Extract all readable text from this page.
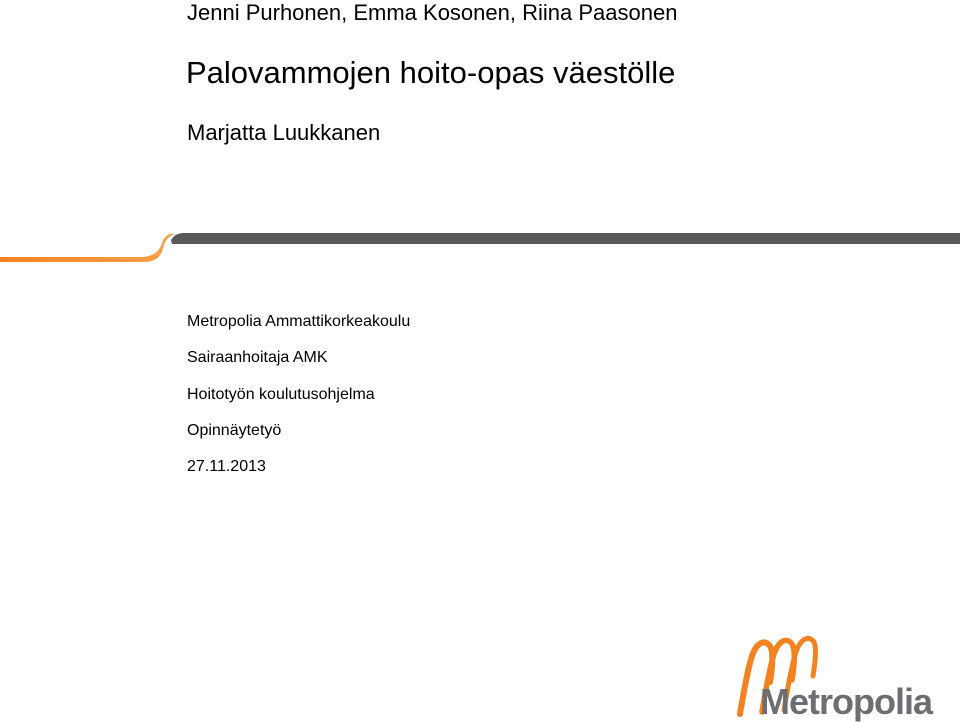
Jenni Purhonen, Emma Kosonen, Riina Paasonen
Palovammojen hoito-opas väestölle
Marjatta Luukkanen
Metropolia Ammattikorkeakoulu
Sairaanhoitaja AMK
Hoitotyön koulutusohjelma
Opinnäytetyö
27.11.2013
Metropolia
